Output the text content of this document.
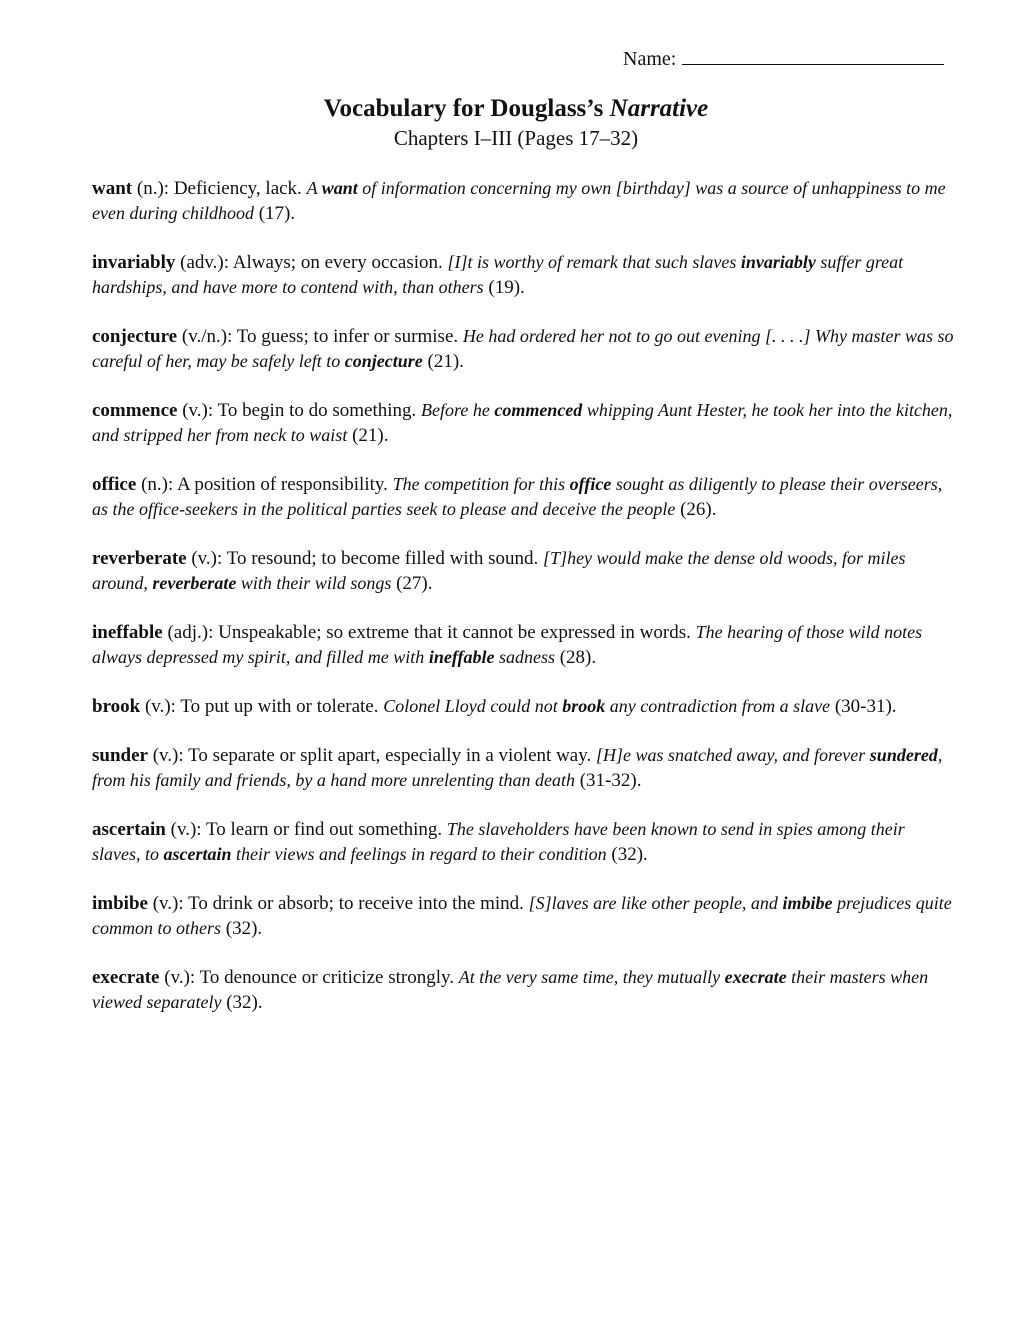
Name:
Vocabulary for Douglass’s Narrative
Chapters I–III (Pages 17–32)

want (n.): Deficiency, lack. A want of information concerning my own [birthday] was a source of unhappiness to me even during childhood (17).

invariably (adv.): Always; on every occasion. [I]t is worthy of remark that such slaves invariably suffer great hardships, and have more to contend with, than others (19).

conjecture (v./n.): To guess; to infer or surmise. He had ordered her not to go out evening [. . . .] Why master was so careful of her, may be safely left to conjecture (21).

commence (v.): To begin to do something. Before he commenced whipping Aunt Hester, he took her into the kitchen, and stripped her from neck to waist (21).

office (n.): A position of responsibility. The competition for this office sought as diligently to please their overseers, as the office-seekers in the political parties seek to please and deceive the people (26).

reverberate (v.): To resound; to become filled with sound. [T]hey would make the dense old woods, for miles around, reverberate with their wild songs (27).

ineffable (adj.): Unspeakable; so extreme that it cannot be expressed in words. The hearing of those wild notes always depressed my spirit, and filled me with ineffable sadness (28).

brook (v.): To put up with or tolerate. Colonel Lloyd could not brook any contradiction from a slave (30-31).

sunder (v.): To separate or split apart, especially in a violent way. [H]e was snatched away, and forever sundered, from his family and friends, by a hand more unrelenting than death (31-32).

ascertain (v.): To learn or find out something. The slaveholders have been known to send in spies among their slaves, to ascertain their views and feelings in regard to their condition (32).

imbibe (v.): To drink or absorb; to receive into the mind. [S]laves are like other people, and imbibe prejudices quite common to others (32).

execrate (v.): To denounce or criticize strongly. At the very same time, they mutually execrate their masters when viewed separately (32).
